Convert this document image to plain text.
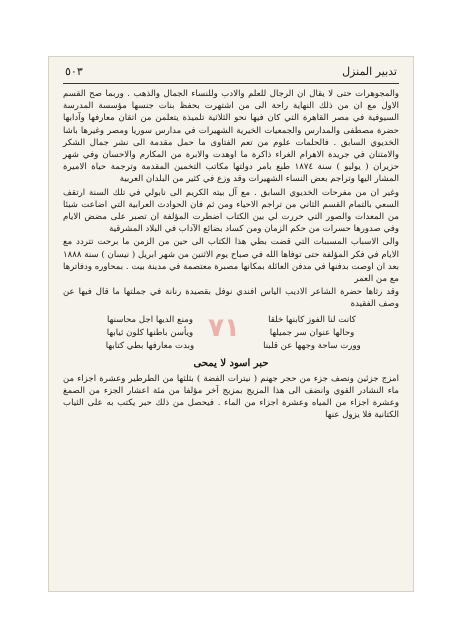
تدبير المنزل
٥٠٣

والمجوهرات حتى لا يقال ان الرجال للعلم والادب وللنساء الجمال والذهب . وربما صح القسم الاول مع ان من ذلك النهاية راحة الى من اشتهرت بحفظ بنات جنسها مؤسسة المدرسة السيوفية في مصر القاهرة التي كان فيها نحو الثلاثية تلميذة يتعلمن من اتقان معارفها وآدابها حضرة مصطفى والمدارس والجمعيات الخيرية الشهيرات في مدارس سوريا ومصر وغيرها باشا الخديوي السابق . فالحلمات علوم من تعم الفتاوى ما حمل مقدمة الى نشر جمال الشكر والامتنان في جريدة الاهرام الغراء ذاكرة ما اوهدت والابرة من المكارم والاحسان وفي شهر حزيران ( يوليو ) سنة ١٨٧٤ طبع بامر دولتها مكاتب التخمين المقدمة وترجمة حياة الاميرة المشار اليها وتراجم بعض النساء الشهيرات وقد وزع في كثير من البلدان العربية

وغير ان من مفرحات الخديوي السابق . مع آل بيته الكريم الى نابولي في تلك السنة ارتقف السعي بالتمام القسم الثاني من تراجم الاحياء ومن ثم فان الحوادث العرابية التي اضاعت شيئا من المعدات والصور التي حررت لي بين الكتاب اضطرت المؤلفة ان تصبر على مضض الايام وفي صدورها حسرات من حكم الزمان ومن كساد بضائع الآداب في البلاد المشرقية

والى الاسباب المسببات التي قضت بطي هذا الكتاب الى حين من الزمن ما برحت تتردد مع الايام في فكر المؤلفة حتى توفاها الله في صباح يوم الاثنين من شهر ابريل ( نيسان ) سنة ١٨٨٨ بعد ان اوصت بدفنها في مدفن العائلة بمكانها مصبرة معتصمة في مدينة بيت . بمحاوره ودفاترها مع من العمر

وقد رثاها حضرة الشاعر الاديب الياس افندي نوفل بقصيدة رنانة في جملتها ما قال فيها عن وصف الفقيدة

كانت لنا الفوز كابنها خلقا
ومنع الديها اجل محاسنها
وحالها عنوان سر جميلها
ويأسن باطنها كلون ثيابها
وورت ساحة وجهها عن قلبنا
وبدت معارفها بطي كتابها
حبر اسود لا يمحى

امزج جزئين ونصف جزء من حجر جهنم ( نيترات الفضة ) بثلثها من الطرطير وعشرة اجزاء من ماء النشادر القوي وانضف الى هذا المزيج بمزيج آخر مؤلفا من مئة اعشار الجزء من الصمغ وعشرة اجزاء من المياه وعشرة اجزاء من الماء . فيحصل من ذلك حبر يكتب به على الثياب الكتانية فلا يزول عنها

٧١
